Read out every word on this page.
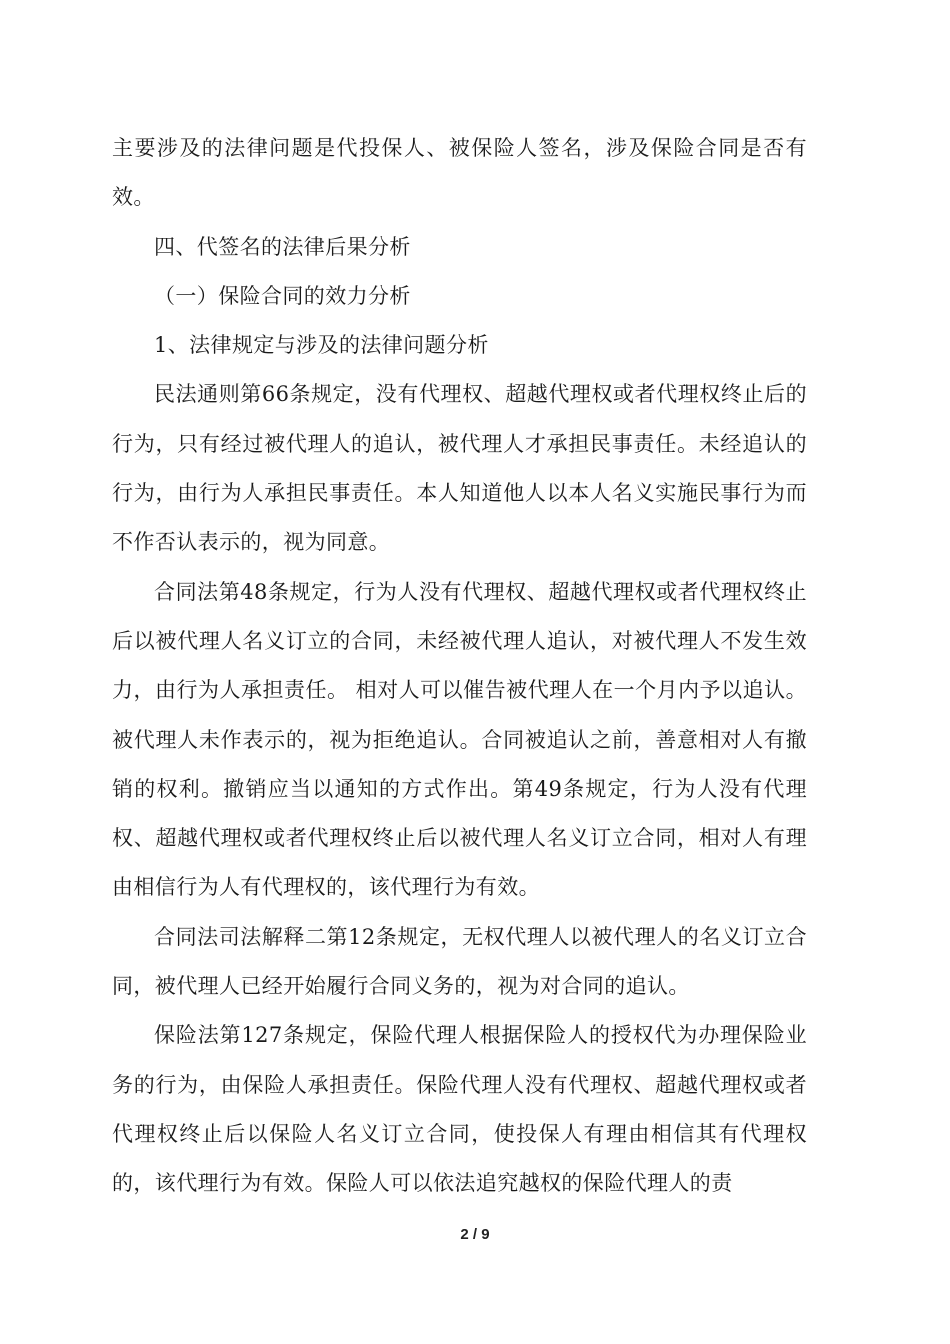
主要涉及的法律问题是代投保人、被保险人签名，涉及保险合同是否有效。

四、代签名的法律后果分析

（一）保险合同的效力分析

1、法律规定与涉及的法律问题分析

民法通则第66条规定，没有代理权、超越代理权或者代理权终止后的行为，只有经过被代理人的追认，被代理人才承担民事责任。未经追认的行为，由行为人承担民事责任。本人知道他人以本人名义实施民事行为而不作否认表示的，视为同意。

合同法第48条规定，行为人没有代理权、超越代理权或者代理权终止后以被代理人名义订立的合同，未经被代理人追认，对被代理人不发生效力，由行为人承担责任。 相对人可以催告被代理人在一个月内予以追认。被代理人未作表示的，视为拒绝追认。合同被追认之前，善意相对人有撤销的权利。撤销应当以通知的方式作出。第49条规定，行为人没有代理权、超越代理权或者代理权终止后以被代理人名义订立合同，相对人有理由相信行为人有代理权的，该代理行为有效。

合同法司法解释二第12条规定，无权代理人以被代理人的名义订立合同，被代理人已经开始履行合同义务的，视为对合同的追认。

保险法第127条规定，保险代理人根据保险人的授权代为办理保险业务的行为，由保险人承担责任。保险代理人没有代理权、超越代理权或者代理权终止后以保险人名义订立合同，使投保人有理由相信其有代理权的，该代理行为有效。保险人可以依法追究越权的保险代理人的责

2 / 9
